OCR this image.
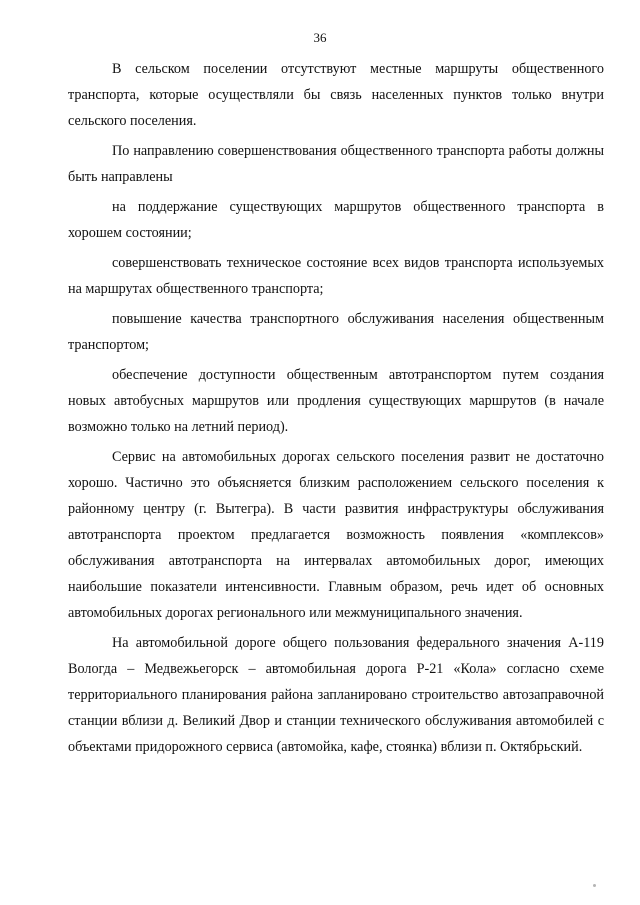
36

В сельском поселении отсутствуют местные маршруты общественного транспорта, которые осуществляли бы связь населенных пунктов только внутри сельского поселения.

По направлению совершенствования общественного транспорта работы должны быть направлены

на поддержание существующих маршрутов общественного транспорта в хорошем состоянии;

совершенствовать техническое состояние всех видов транспорта используемых на маршрутах общественного транспорта;

повышение качества транспортного обслуживания населения общественным транспортом;

обеспечение доступности общественным автотранспортом путем создания новых автобусных маршрутов или продления существующих маршрутов (в начале возможно только на летний период).

Сервис на автомобильных дорогах сельского поселения развит не достаточно хорошо. Частично это объясняется близким расположением сельского поселения к районному центру (г. Вытегра). В части развития инфраструктуры обслуживания автотранспорта проектом предлагается возможность появления «комплексов» обслуживания автотранспорта на интервалах автомобильных дорог, имеющих наибольшие показатели интенсивности. Главным образом, речь идет об основных автомобильных дорогах регионального или межмуниципального значения.

На автомобильной дороге общего пользования федерального значения А-119 Вологда – Медвежьегорск – автомобильная дорога Р-21 «Кола» согласно схеме территориального планирования района запланировано строительство автозаправочной станции вблизи д. Великий Двор и станции технического обслуживания автомобилей с объектами придорожного сервиса (автомойка, кафе, стоянка) вблизи п. Октябрьский.
